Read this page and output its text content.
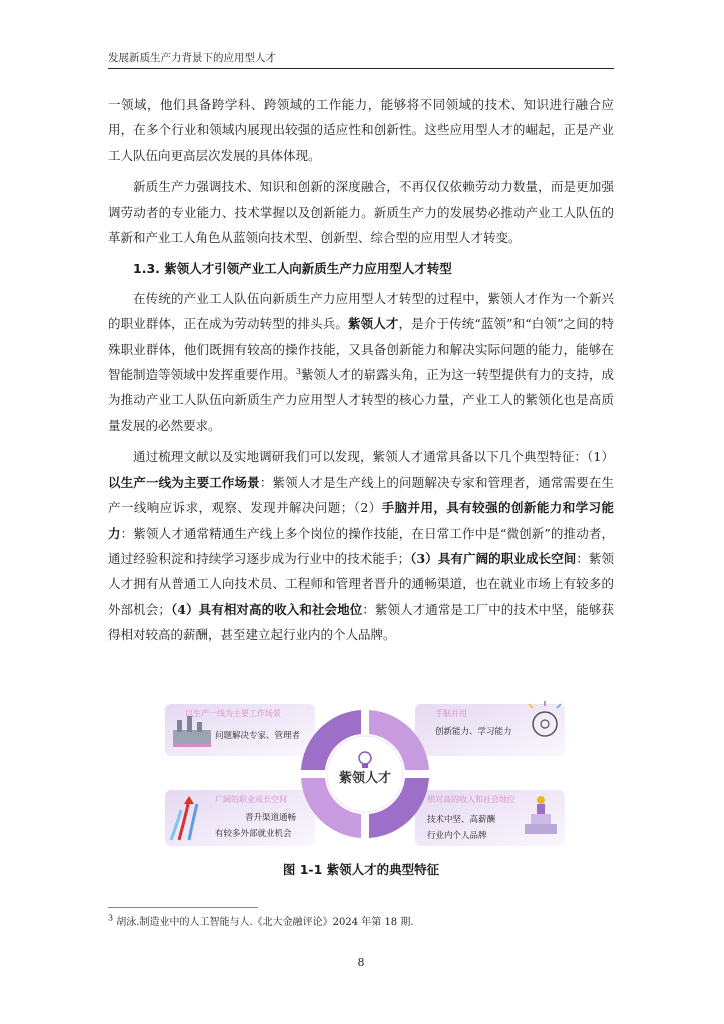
发展新质生产力背景下的应用型人才

一领域，他们具备跨学科、跨领域的工作能力，能够将不同领域的技术、知识进行融合应用，在多个行业和领域内展现出较强的适应性和创新性。这些应用型人才的崛起，正是产业工人队伍向更高层次发展的具体体现。

新质生产力强调技术、知识和创新的深度融合，不再仅仅依赖劳动力数量，而是更加强调劳动者的专业能力、技术掌握以及创新能力。新质生产力的发展势必推动产业工人队伍的革新和产业工人角色从蓝领向技术型、创新型、综合型的应用型人才转变。

1.3. 紫领人才引领产业工人向新质生产力应用型人才转型

在传统的产业工人队伍向新质生产力应用型人才转型的过程中，紫领人才作为一个新兴的职业群体，正在成为劳动转型的排头兵。紫领人才，是介于传统“蓝领”和“白领”之间的特殊职业群体，他们既拥有较高的操作技能，又具备创新能力和解决实际问题的能力，能够在智能制造等领域中发挥重要作用。$^3$紫领人才的崭露头角，正为这一转型提供有力的支持，成为推动产业工人队伍向新质生产力应用型人才转型的核心力量，产业工人的紫领化也是高质量发展的必然要求。

通过梳理文献以及实地调研我们可以发现，紫领人才通常具备以下几个典型特征：（1）以生产一线为主要工作场景：紫领人才是生产线上的问题解决专家和管理者，通常需要在生产一线响应诉求，观察、发现并解决问题；（2）手脑并用，具有较强的创新能力和学习能力：紫领人才通常精通生产线上多个岗位的操作技能，在日常工作中是“微创新”的推动者，通过经验积淀和持续学习逐步成为行业中的技术能手；（3）具有广阔的职业成长空间：紫领人才拥有从普通工人向技术员、工程师和管理者晋升的通畅渠道，也在就业市场上有较多的外部机会；（4）具有相对高的收入和社会地位：紫领人才通常是工厂中的技术中坚，能够获得相对较高的薪酬，甚至建立起行业内的个人品牌。

紫领人才
以生产一线为主要工作场景
问题解决专家、管理者
手脑并用
创新能力、学习能力
广阔的职业成长空间
晋升渠道通畅
有较多外部就业机会
相对高的收入和社会地位
技术中坚、高薪酬
行业内个人品牌
图 1-1 紫领人才的典型特征
$^3$ 胡泳.制造业中的人工智能与人.《北大金融评论》2024 年第 18 期.
8
